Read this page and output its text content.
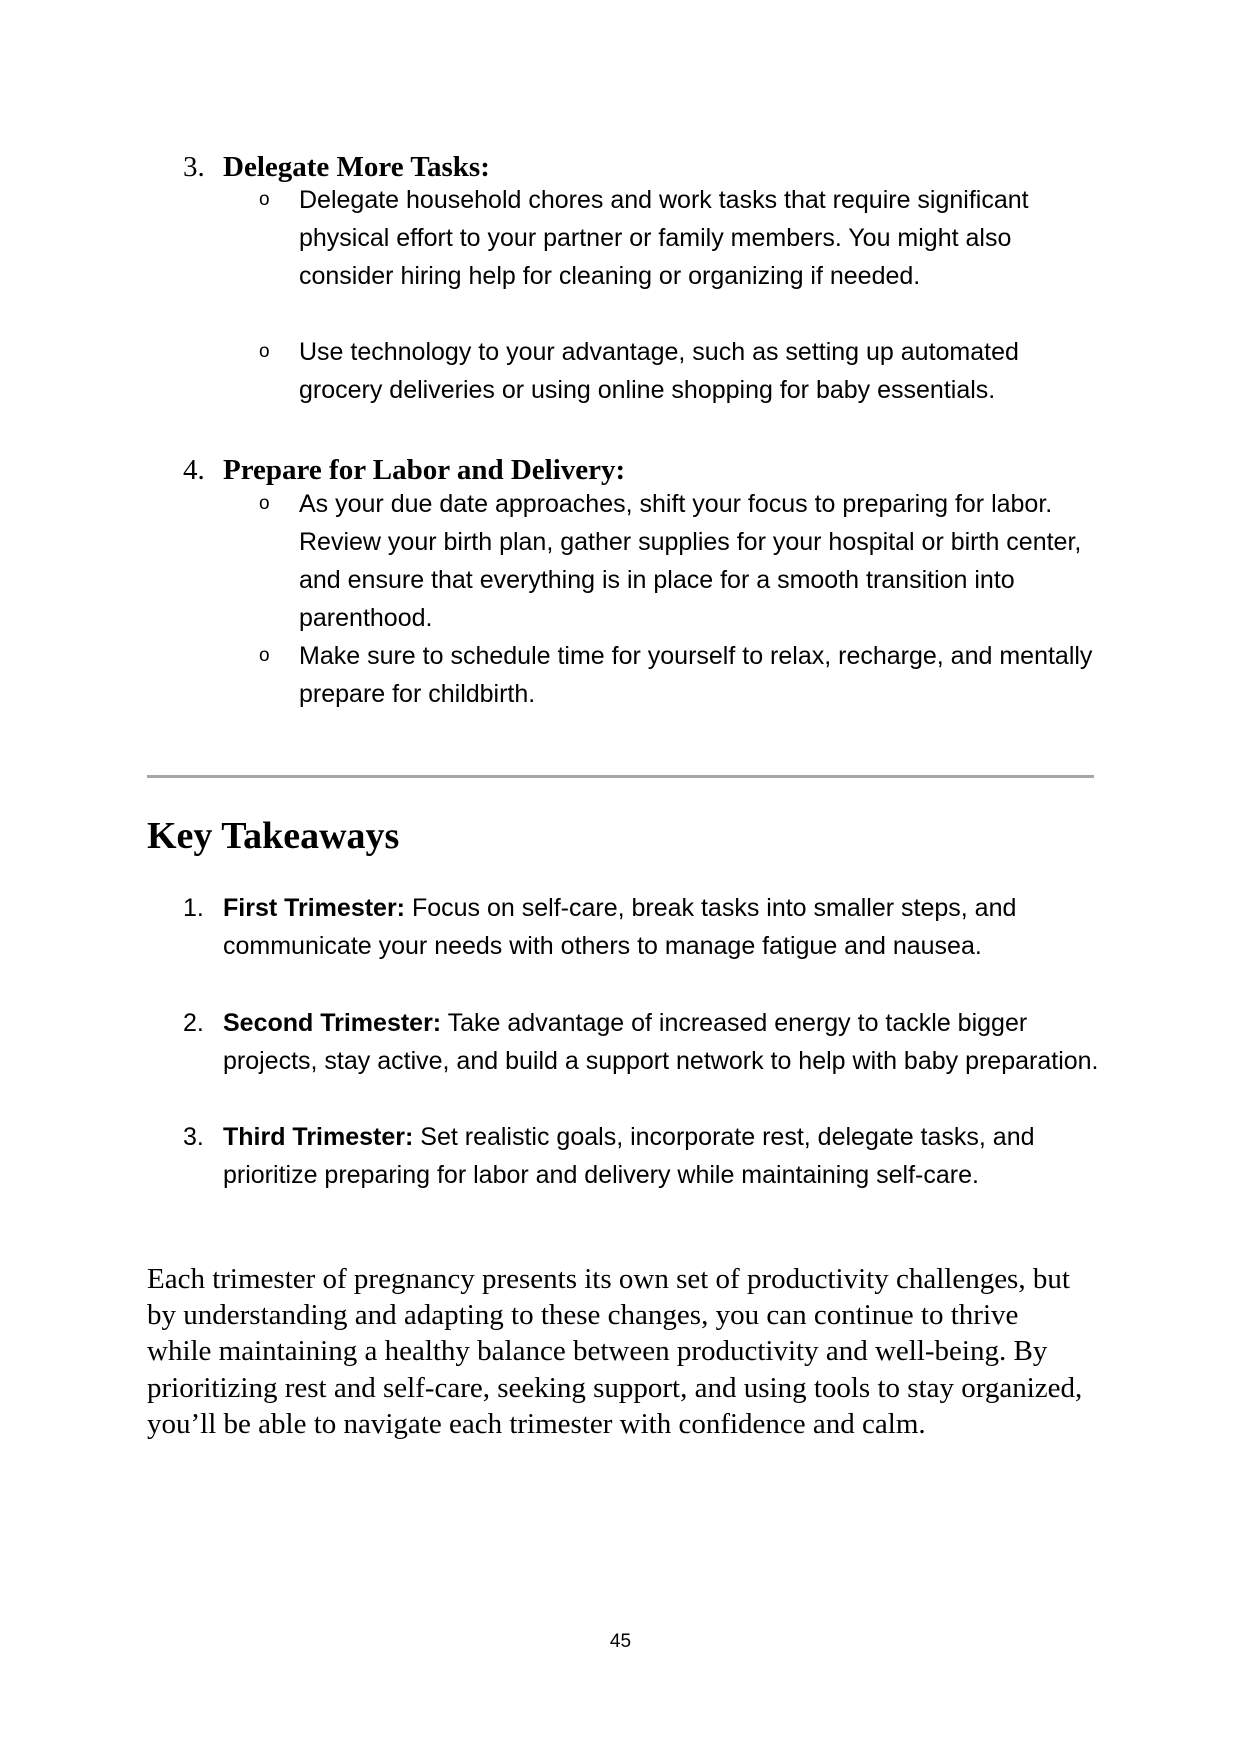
3. Delegate More Tasks:
o Delegate household chores and work tasks that require significant physical effort to your partner or family members. You might also consider hiring help for cleaning or organizing if needed.
o Use technology to your advantage, such as setting up automated grocery deliveries or using online shopping for baby essentials.
4. Prepare for Labor and Delivery:
o As your due date approaches, shift your focus to preparing for labor. Review your birth plan, gather supplies for your hospital or birth center, and ensure that everything is in place for a smooth transition into parenthood.
o Make sure to schedule time for yourself to relax, recharge, and mentally prepare for childbirth.
Key Takeaways
1. First Trimester: Focus on self-care, break tasks into smaller steps, and communicate your needs with others to manage fatigue and nausea.
2. Second Trimester: Take advantage of increased energy to tackle bigger projects, stay active, and build a support network to help with baby preparation.
3. Third Trimester: Set realistic goals, incorporate rest, delegate tasks, and prioritize preparing for labor and delivery while maintaining self-care.

Each trimester of pregnancy presents its own set of productivity challenges, but by understanding and adapting to these changes, you can continue to thrive while maintaining a healthy balance between productivity and well-being. By prioritizing rest and self-care, seeking support, and using tools to stay organized, you’ll be able to navigate each trimester with confidence and calm.

45
